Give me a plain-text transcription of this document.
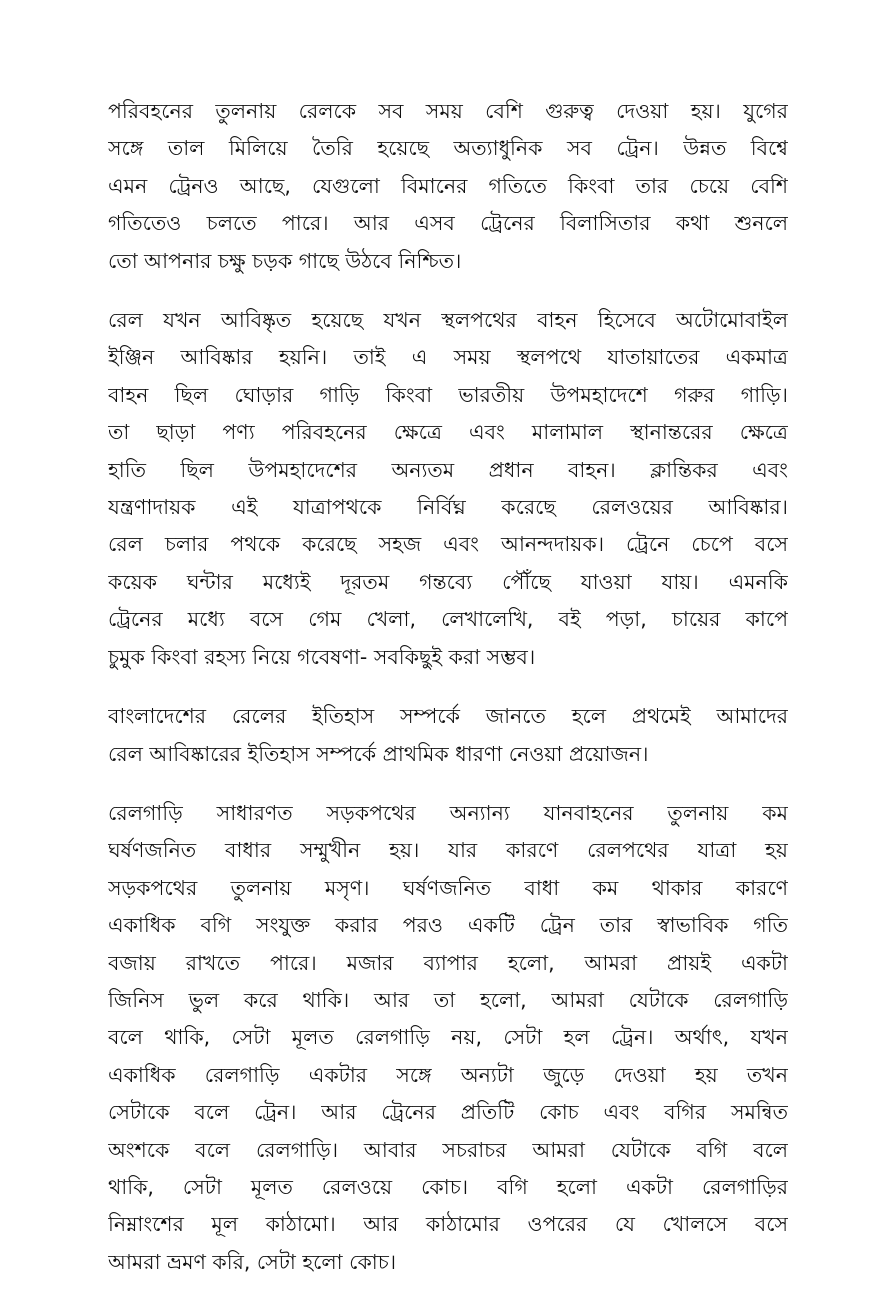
পরিবহনের তুলনায় রেলকে সব সময় বেশি গুরুত্ব দেওয়া হয়। যুগের
সঙ্গে তাল মিলিয়ে তৈরি হয়েছে অত্যাধুনিক সব ট্রেন। উন্নত বিশ্বে
এমন ট্রেনও আছে, যেগুলো বিমানের গতিতে কিংবা তার চেয়ে বেশি
গতিতেও চলতে পারে। আর এসব ট্রেনের বিলাসিতার কথা শুনলে
তো আপনার চক্ষু চড়ক গাছে উঠবে নিশ্চিত।

রেল যখন আবিষ্কৃত হয়েছে যখন স্থলপথের বাহন হিসেবে অটোমোবাইল
ইঞ্জিন আবিষ্কার হয়নি। তাই এ সময় স্থলপথে যাতায়াতের একমাত্র
বাহন ছিল ঘোড়ার গাড়ি কিংবা ভারতীয় উপমহাদেশে গরুর গাড়ি।
তা ছাড়া পণ্য পরিবহনের ক্ষেত্রে এবং মালামাল স্থানান্তরের ক্ষেত্রে
হাতি ছিল উপমহাদেশের অন্যতম প্রধান বাহন। ক্লান্তিকর এবং
যন্ত্রণাদায়ক এই যাত্রাপথকে নির্বিঘ্ন করেছে রেলওয়ের আবিষ্কার।
রেল চলার পথকে করেছে সহজ এবং আনন্দদায়ক। ট্রেনে চেপে বসে
কয়েক ঘন্টার মধ্যেই দূরতম গন্তব্যে পৌঁছে যাওয়া যায়। এমনকি
ট্রেনের মধ্যে বসে গেম খেলা, লেখালেখি, বই পড়া, চায়ের কাপে
চুমুক কিংবা রহস্য নিয়ে গবেষণা- সবকিছুই করা সম্ভব।

বাংলাদেশের রেলের ইতিহাস সম্পর্কে জানতে হলে প্রথমেই আমাদের
রেল আবিষ্কারের ইতিহাস সম্পর্কে প্রাথমিক ধারণা নেওয়া প্রয়োজন।

রেলগাড়ি সাধারণত সড়কপথের অন্যান্য যানবাহনের তুলনায় কম
ঘর্ষণজনিত বাধার সম্মুখীন হয়। যার কারণে রেলপথের যাত্রা হয়
সড়কপথের তুলনায় মসৃণ। ঘর্ষণজনিত বাধা কম থাকার কারণে
একাধিক বগি সংযুক্ত করার পরও একটি ট্রেন তার স্বাভাবিক গতি
বজায় রাখতে পারে। মজার ব্যাপার হলো, আমরা প্রায়ই একটা
জিনিস ভুল করে থাকি। আর তা হলো, আমরা যেটাকে রেলগাড়ি
বলে থাকি, সেটা মূলত রেলগাড়ি নয়, সেটা হল ট্রেন। অর্থাৎ, যখন
একাধিক রেলগাড়ি একটার সঙ্গে অন্যটা জুড়ে দেওয়া হয় তখন
সেটাকে বলে ট্রেন। আর ট্রেনের প্রতিটি কোচ এবং বগির সমন্বিত
অংশকে বলে রেলগাড়ি। আবার সচরাচর আমরা যেটাকে বগি বলে
থাকি, সেটা মূলত রেলওয়ে কোচ। বগি হলো একটা রেলগাড়ির
নিম্নাংশের মূল কাঠামো। আর কাঠামোর ওপরের যে খোলসে বসে
আমরা ভ্রমণ করি, সেটা হলো কোচ।
